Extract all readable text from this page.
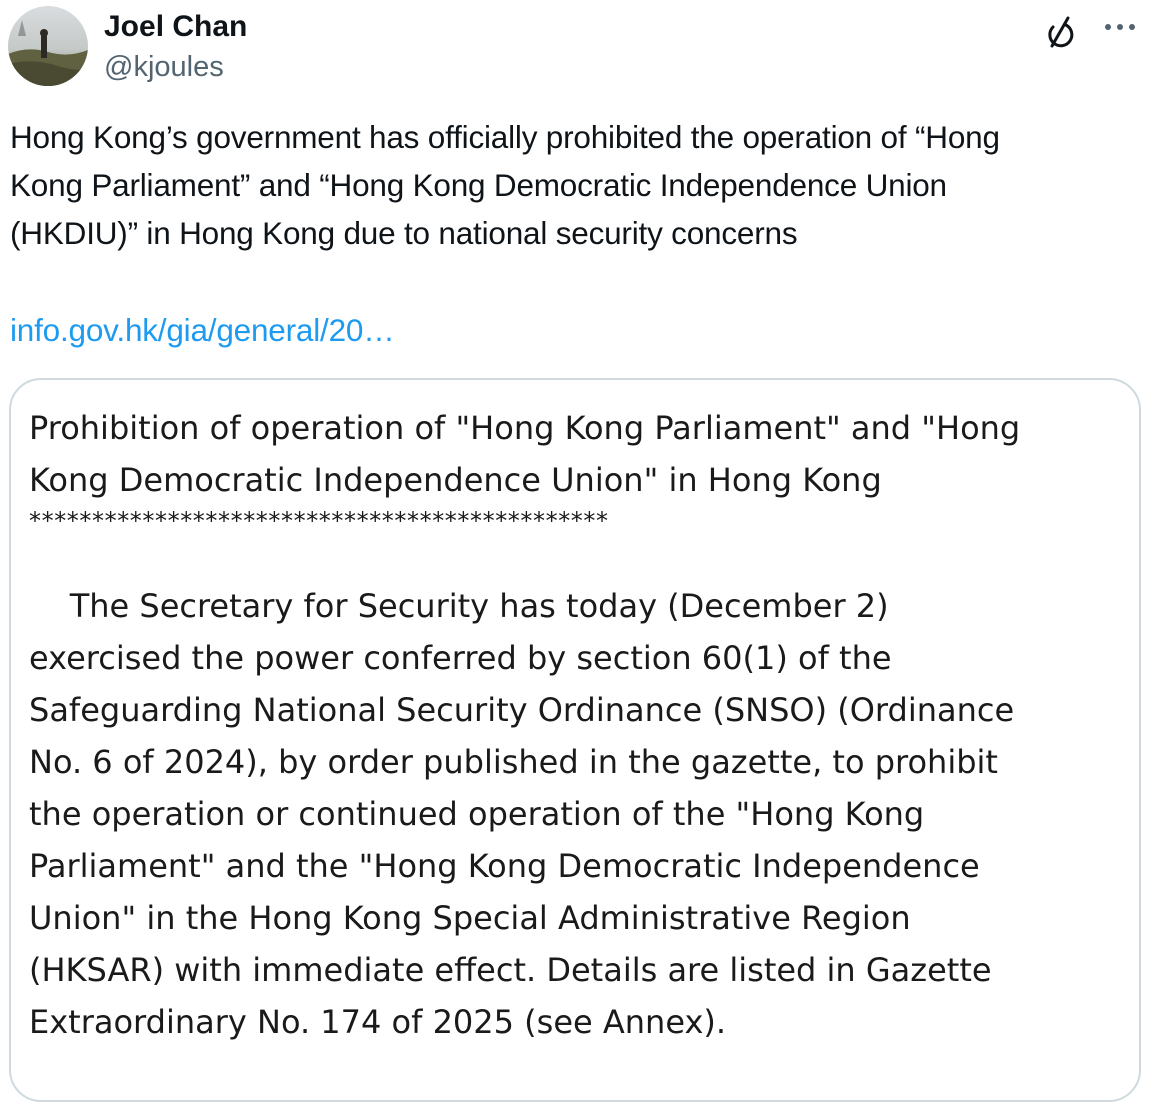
Joel Chan
@kjoules
Hong Kong’s government has officially prohibited the operation of “Hong
Kong Parliament” and “Hong Kong Democratic Independence Union
(HKDIU)” in Hong Kong due to national security concerns
info.gov.hk/gia/general/20…

Prohibition of operation of "Hong Kong Parliament" and "Hong
Kong Democratic Independence Union" in Hong Kong

**********************************************

The Secretary for Security has today (December 2)
exercised the power conferred by section 60(1) of the
Safeguarding National Security Ordinance (SNSO) (Ordinance
No. 6 of 2024), by order published in the gazette, to prohibit
the operation or continued operation of the "Hong Kong
Parliament" and the "Hong Kong Democratic Independence
Union" in the Hong Kong Special Administrative Region
(HKSAR) with immediate effect. Details are listed in Gazette
Extraordinary No. 174 of 2025 (see Annex).
